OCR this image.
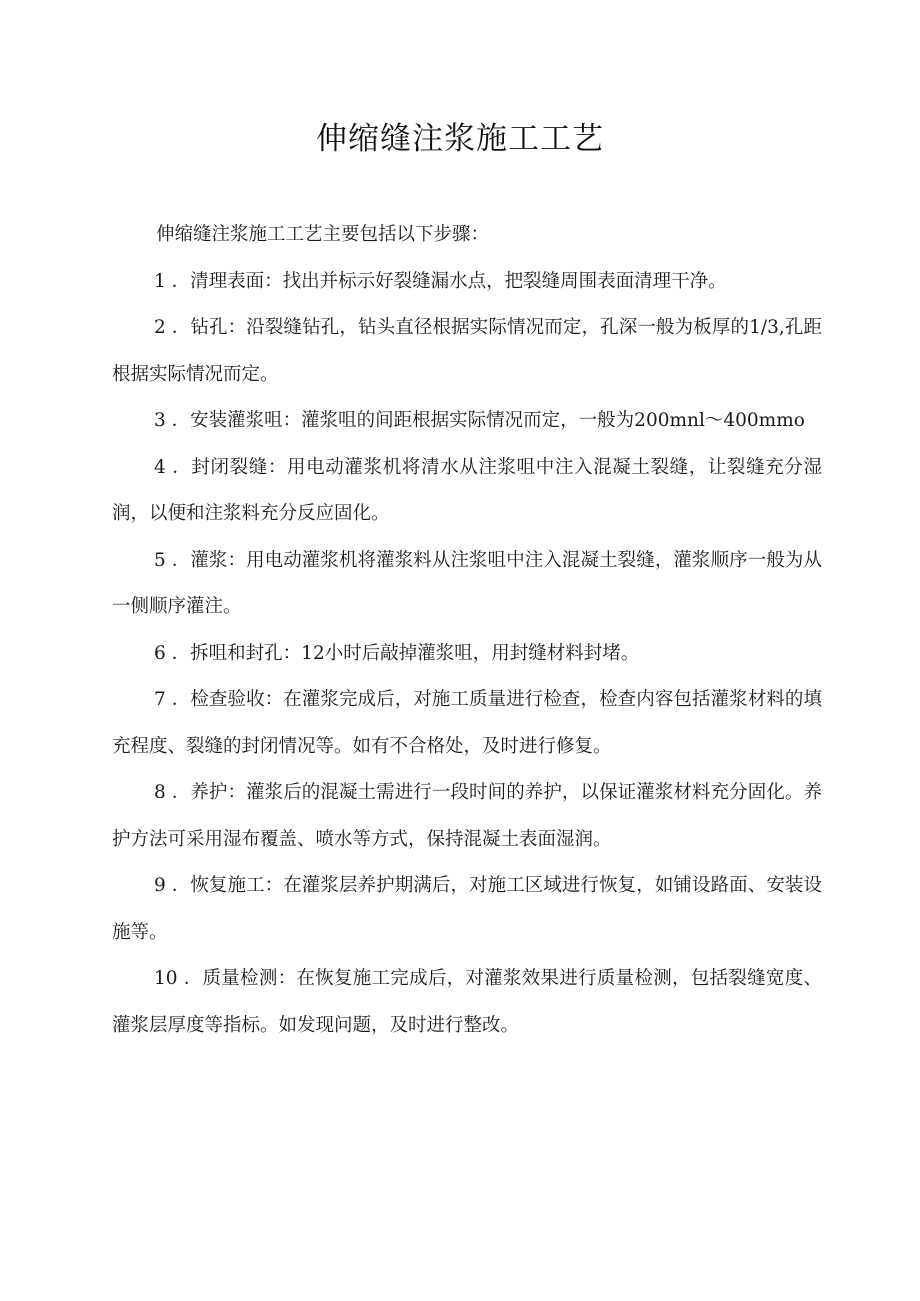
伸缩缝注浆施工工艺

伸缩缝注浆施工工艺主要包括以下步骤：

1 ．清理表面：找出并标示好裂缝漏水点，把裂缝周围表面清理干净。

2 ．钻孔：沿裂缝钻孔，钻头直径根据实际情况而定，孔深一般为板厚的1/3,孔距根据实际情况而定。

3 ．安装灌浆咀：灌浆咀的间距根据实际情况而定，一般为200mnl～400mmo

4 ．封闭裂缝：用电动灌浆机将清水从注浆咀中注入混凝土裂缝，让裂缝充分湿润，以便和注浆料充分反应固化。

5 ．灌浆：用电动灌浆机将灌浆料从注浆咀中注入混凝土裂缝，灌浆顺序一般为从一侧顺序灌注。

6 ．拆咀和封孔：12小时后敲掉灌浆咀，用封缝材料封堵。

7 ．检查验收：在灌浆完成后，对施工质量进行检查，检查内容包括灌浆材料的填充程度、裂缝的封闭情况等。如有不合格处，及时进行修复。

8 ．养护：灌浆后的混凝土需进行一段时间的养护，以保证灌浆材料充分固化。养护方法可采用湿布覆盖、喷水等方式，保持混凝土表面湿润。

9 ．恢复施工：在灌浆层养护期满后，对施工区域进行恢复，如铺设路面、安装设施等。

10 ．质量检测：在恢复施工完成后，对灌浆效果进行质量检测，包括裂缝宽度、灌浆层厚度等指标。如发现问题，及时进行整改。
